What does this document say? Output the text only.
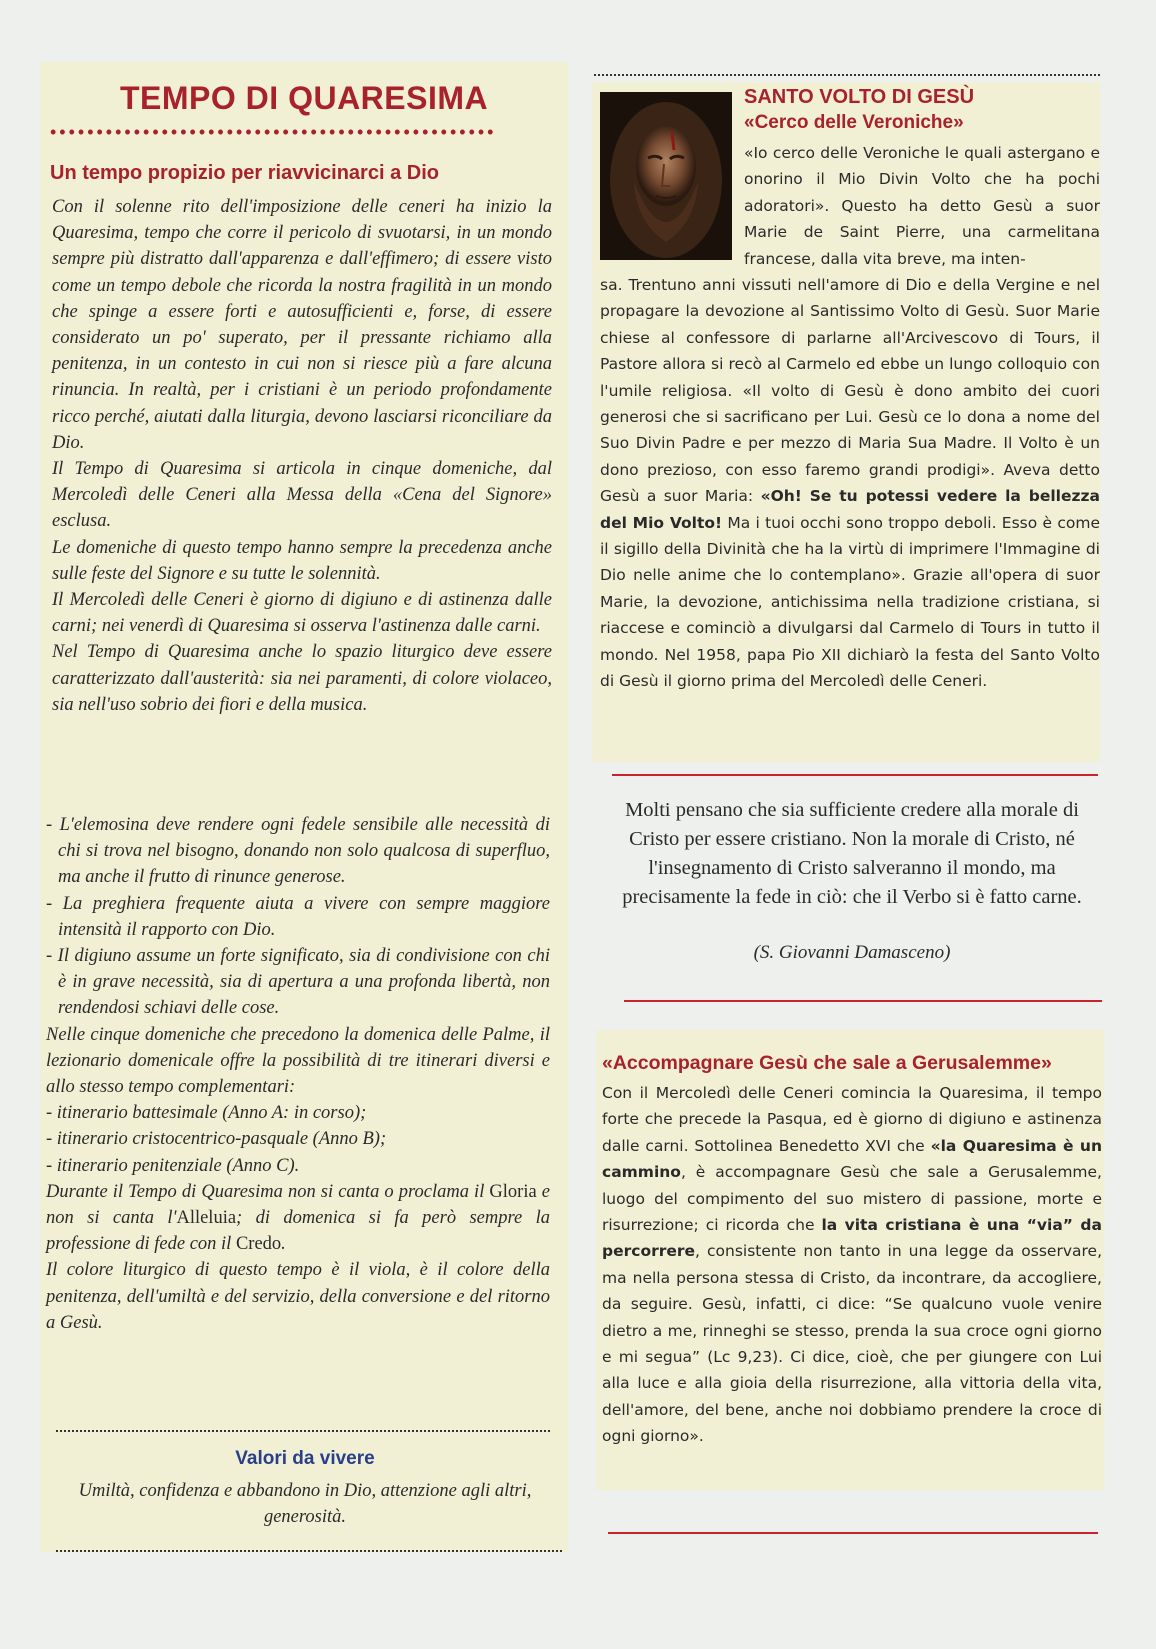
TEMPO DI QUARESIMA
••••••••••••••••••••••••••••••••••••••••••••••••
Un tempo propizio per riavvicinarci a Dio

Con il solenne rito dell'imposizione delle ceneri ha inizio la Quaresima, tempo che corre il pericolo di svuotarsi, in un mondo sempre più distratto dall'apparenza e dall'effimero; di essere visto come un tempo debole che ricorda la nostra fragilità in un mondo che spinge a essere forti e autosufficienti e, forse, di essere considerato un po' superato, per il pressante richiamo alla penitenza, in un contesto in cui non si riesce più a fare alcuna rinuncia. In realtà, per i cristiani è un periodo profondamente ricco perché, aiutati dalla liturgia, devono lasciarsi riconciliare da Dio.

Il Tempo di Quaresima si articola in cinque domeniche, dal Mercoledì delle Ceneri alla Messa della «Cena del Signore» esclusa.

Le domeniche di questo tempo hanno sempre la precedenza anche sulle feste del Signore e su tutte le solennità.

Il Mercoledì delle Ceneri è giorno di digiuno e di astinenza dalle carni; nei venerdì di Quaresima si osserva l'astinenza dalle carni.

Nel Tempo di Quaresima anche lo spazio liturgico deve essere caratterizzato dall'austerità: sia nei paramenti, di colore violaceo, sia nell'uso sobrio dei fiori e della musica.

- L'elemosina deve rendere ogni fedele sensibile alle necessità di chi si trova nel bisogno, donando non solo qualcosa di superfluo, ma anche il frutto di rinunce generose.

- La preghiera frequente aiuta a vivere con sempre maggiore intensità il rapporto con Dio.

- Il digiuno assume un forte significato, sia di condivisione con chi è in grave necessità, sia di apertura a una profonda libertà, non rendendosi schiavi delle cose.

Nelle cinque domeniche che precedono la domenica delle Palme, il lezionario domenicale offre la possibilità di tre itinerari diversi e allo stesso tempo complementari:

- itinerario battesimale (Anno A: in corso);

- itinerario cristocentrico-pasquale (Anno B);

- itinerario penitenziale (Anno C).

Durante il Tempo di Quaresima non si canta o proclama il Gloria e non si canta l'Alleluia; di domenica si fa però sempre la professione di fede con il Credo.

Il colore liturgico di questo tempo è il viola, è il colore della penitenza, dell'umiltà e del servizio, della conversione e del ritorno a Gesù.

Valori da vivere

Umiltà, confidenza e abbandono in Dio, attenzione agli altri, generosità.

SANTO VOLTO DI GESÙ
«Cerco delle Veroniche»

«Io cerco delle Veroniche le quali astergano e onorino il Mio Divin Volto che ha pochi adoratori». Questo ha detto Gesù a suor Marie de Saint Pierre, una carmelitana francese, dalla vita breve, ma inten-

sa. Trentuno anni vissuti nell'amore di Dio e della Vergine e nel propagare la devozione al Santissimo Volto di Gesù. Suor Marie chiese al confessore di parlarne all'Arcivescovo di Tours, il Pastore allora si recò al Carmelo ed ebbe un lungo colloquio con l'umile religiosa. «Il volto di Gesù è dono ambito dei cuori generosi che si sacrificano per Lui. Gesù ce lo dona a nome del Suo Divin Padre e per mezzo di Maria Sua Madre. Il Volto è un dono prezioso, con esso faremo grandi prodigi». Aveva detto Gesù a suor Maria: «Oh! Se tu potessi vedere la bellezza del Mio Volto! Ma i tuoi occhi sono troppo deboli. Esso è come il sigillo della Divinità che ha la virtù di imprimere l'Immagine di Dio nelle anime che lo contemplano». Grazie all'opera di suor Marie, la devozione, antichissima nella tradizione cristiana, si riaccese e cominciò a divulgarsi dal Carmelo di Tours in tutto il mondo. Nel 1958, papa Pio XII dichiarò la festa del Santo Volto di Gesù il giorno prima del Mercoledì delle Ceneri.

Molti pensano che sia sufficiente credere alla morale di Cristo per essere cristiano. Non la morale di Cristo, né l'insegnamento di Cristo salveranno il mondo, ma precisamente la fede in ciò: che il Verbo si è fatto carne.

(S. Giovanni Damasceno)

«Accompagnare Gesù che sale a Gerusalemme»

Con il Mercoledì delle Ceneri comincia la Quaresima, il tempo forte che precede la Pasqua, ed è giorno di digiuno e astinenza dalle carni. Sottolinea Benedetto XVI che «la Quaresima è un cammino, è accompagnare Gesù che sale a Gerusalemme, luogo del compimento del suo mistero di passione, morte e risurrezione; ci ricorda che la vita cristiana è una “via” da percorrere, consistente non tanto in una legge da osservare, ma nella persona stessa di Cristo, da incontrare, da accogliere, da seguire. Gesù, infatti, ci dice: “Se qualcuno vuole venire dietro a me, rinneghi se stesso, prenda la sua croce ogni giorno e mi segua” (Lc 9,23). Ci dice, cioè, che per giungere con Lui alla luce e alla gioia della risurrezione, alla vittoria della vita, dell'amore, del bene, anche noi dobbiamo prendere la croce di ogni giorno».
